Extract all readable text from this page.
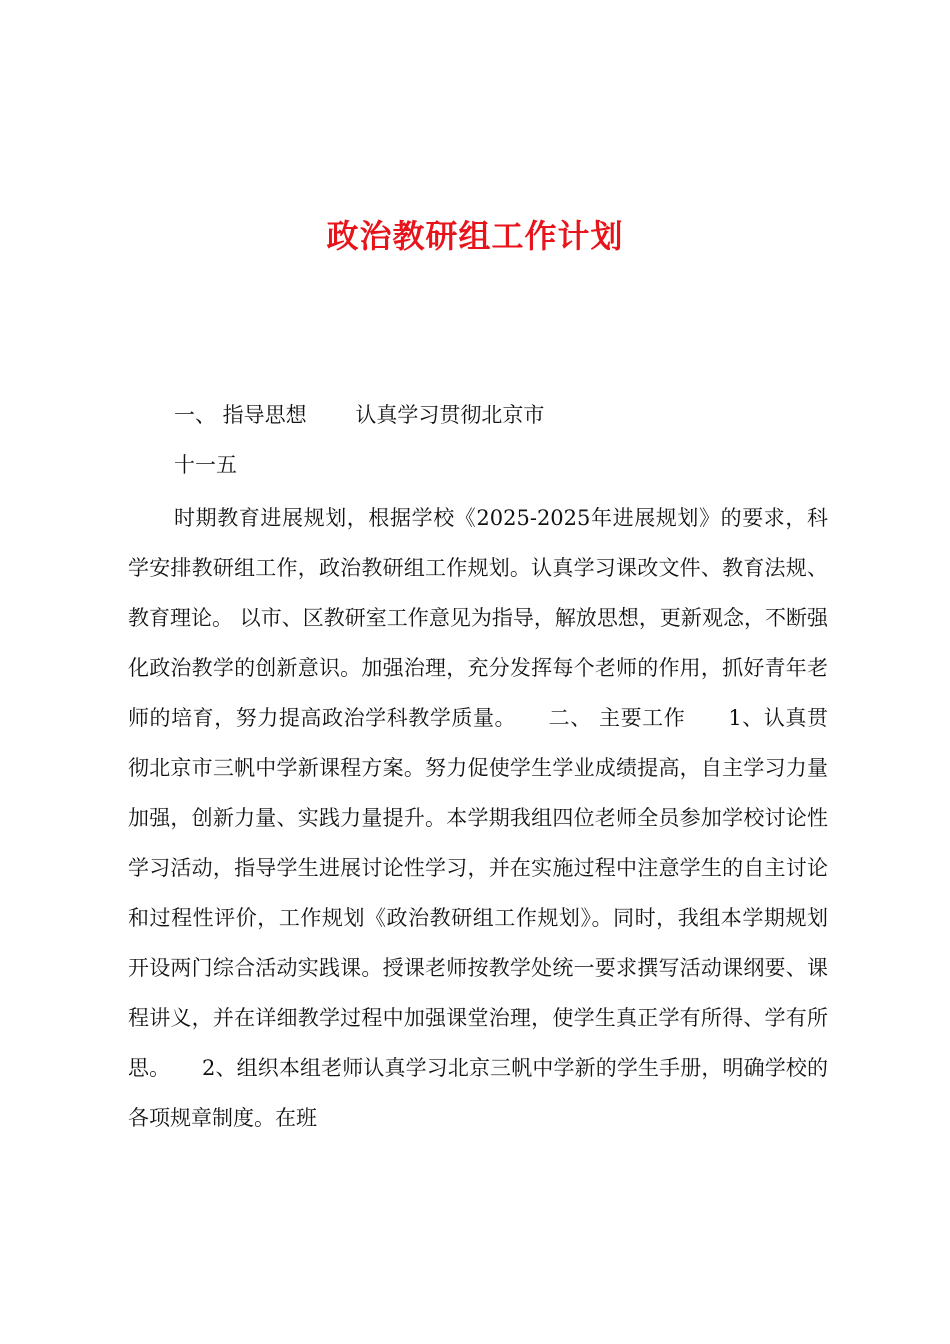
政治教研组工作计划
一、 指导思想　　 认真学习贯彻北京市
十一五
时期教育进展规划，根据学校《2025-2025年进展规划》的要求，科学安排教研组工作，政治教研组工作规划。认真学习课改文件、教育法规、教育理论。 以市、区教研室工作意见为指导，解放思想，更新观念，不断强化政治教学的创新意识。加强治理，充分发挥每个老师的作用，抓好青年老师的培育，努力提高政治学科教学质量。　　二、 主要工作　　1、认真贯彻北京市三帆中学新课程方案。努力促使学生学业成绩提高，自主学习力量加强，创新力量、实践力量提升。本学期我组四位老师全员参加学校讨论性学习活动，指导学生进展讨论性学习，并在实施过程中注意学生的自主讨论和过程性评价，工作规划《政治教研组工作规划》。同时，我组本学期规划开设两门综合活动实践课。授课老师按教学处统一要求撰写活动课纲要、课程讲义，并在详细教学过程中加强课堂治理，使学生真正学有所得、学有所思。　　2、组织本组老师认真学习北京三帆中学新的学生手册，明确学校的各项规章制度。在班
